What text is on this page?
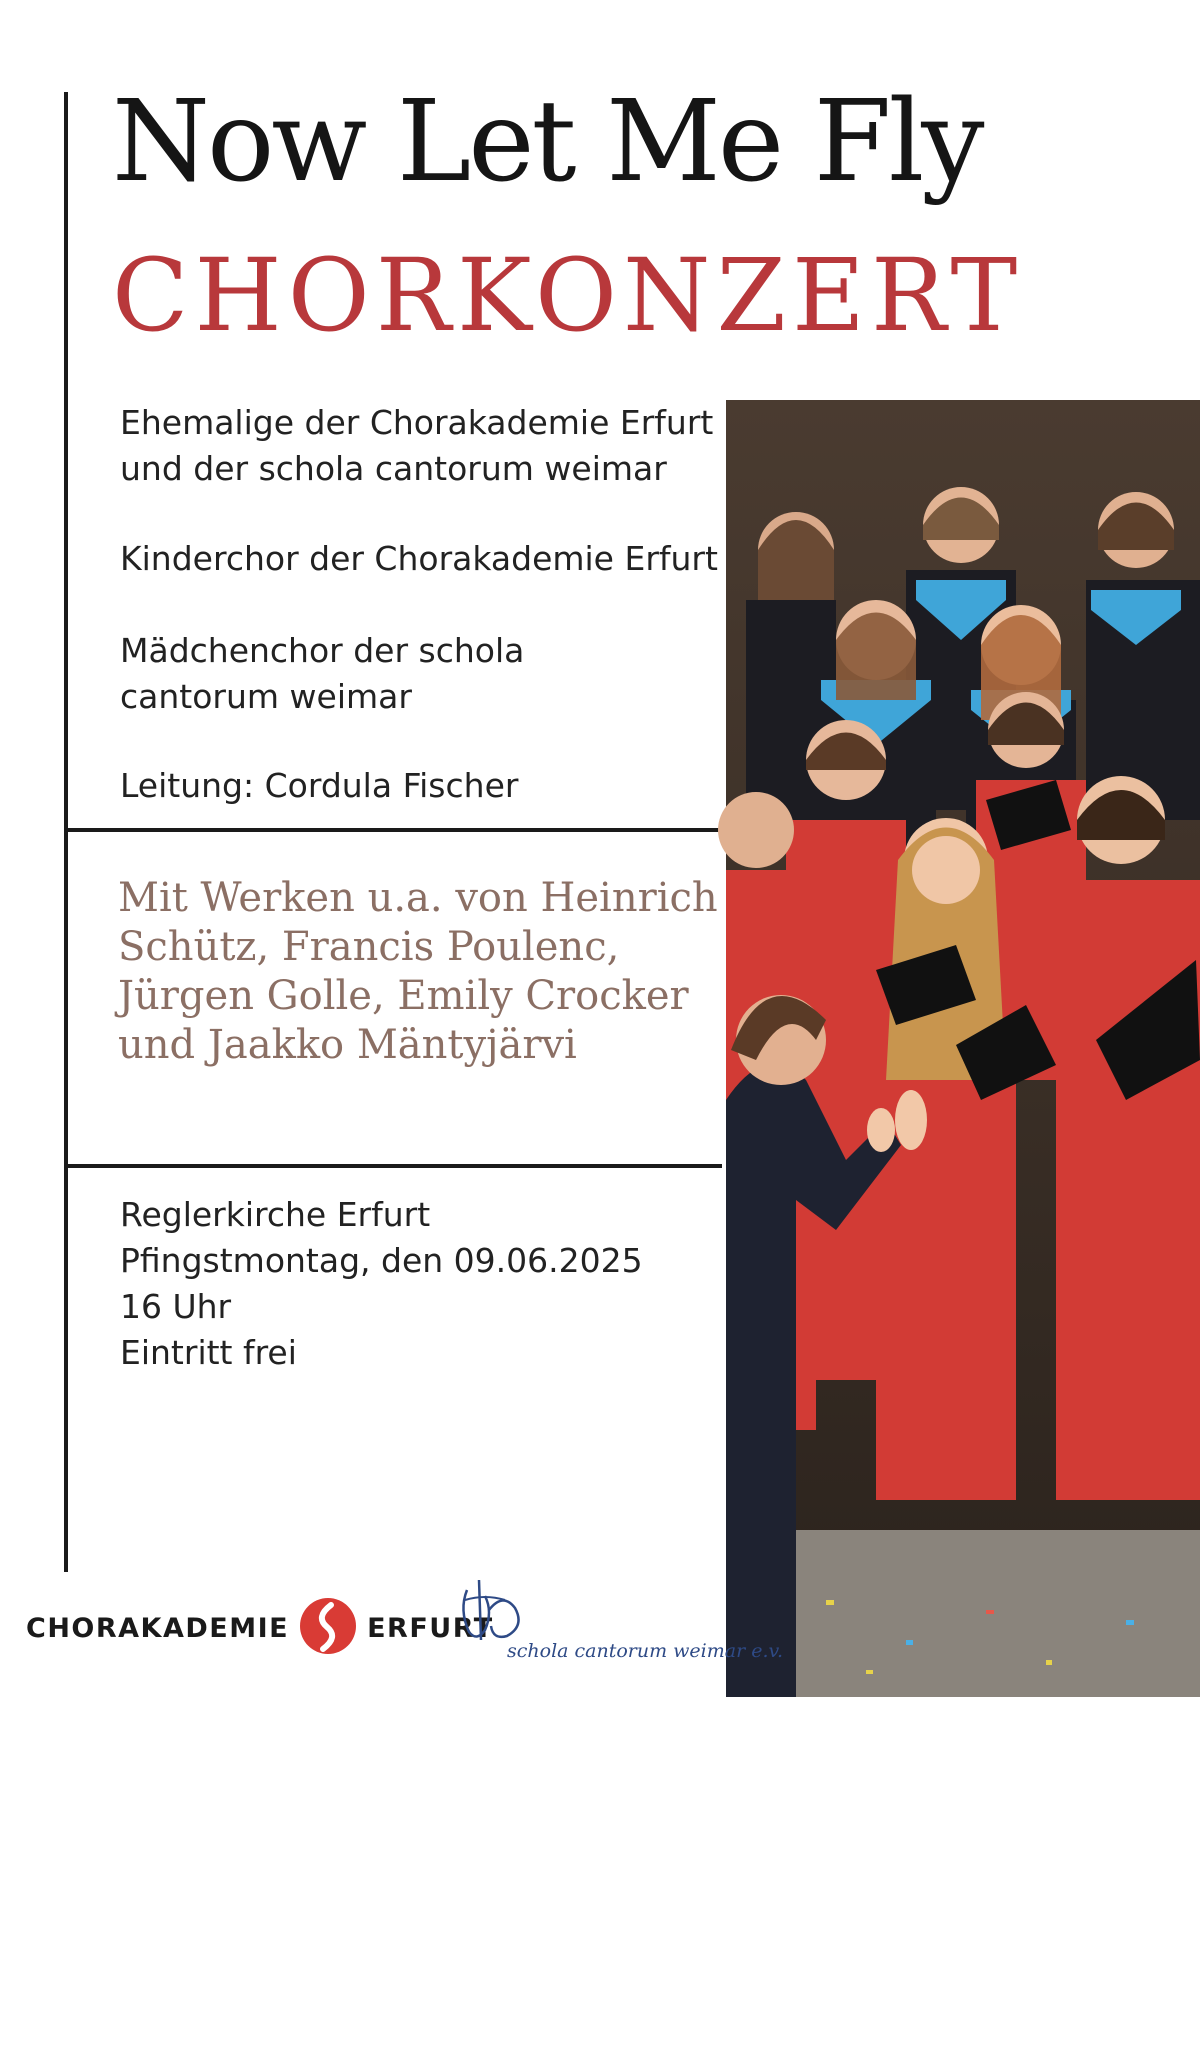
Now Let Me Fly
CHORKONZERT
Ehemalige der Chorakademie Erfurt
und der schola cantorum weimar
Kinderchor der Chorakademie Erfurt
Mädchenchor der schola
cantorum weimar
Leitung: Cordula Fischer
Mit Werken u.a. von Heinrich Schütz, Francis Poulenc, Jürgen Golle, Emily Crocker und Jaakko Mäntyjärvi
Reglerkirche Erfurt
Pfingstmontag, den 09.06.2025
16 Uhr
Eintritt frei
Foto: Lutz Edelhoff
CHORAKADEMIE	ERFURT
schola cantorum weimar e.v.
